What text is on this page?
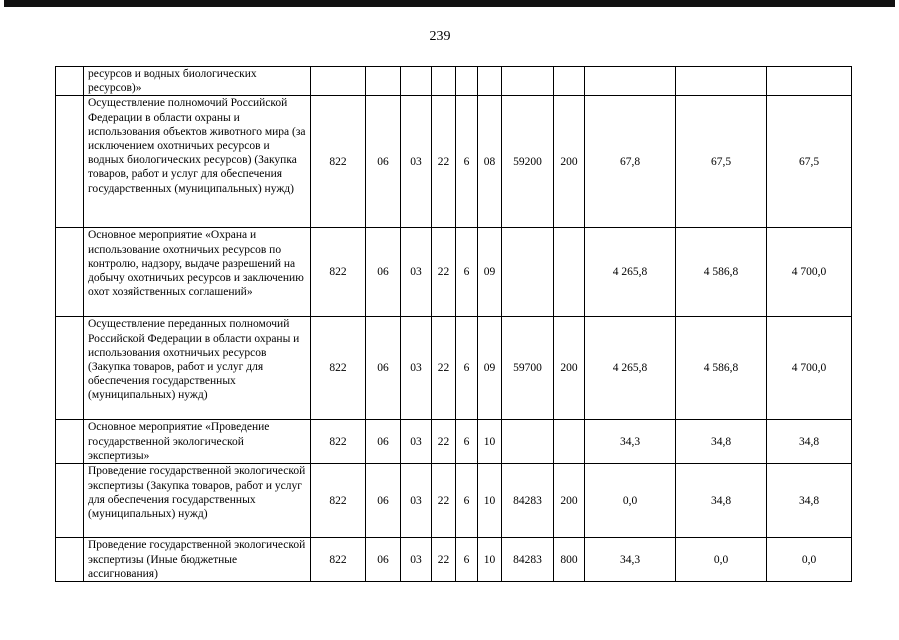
239
	ресурсов и водных биологических ресурсов)»											
	Осуществление полномочий Российской Федерации в области охраны и использования объектов животного мира (за исключением охотничьих ресурсов и водных биологических ресурсов) (Закупка товаров, работ и услуг для обеспечения государственных (муниципальных) нужд)	822	06	03	22	6	08	59200	200	67,8	67,5	67,5
	Основное мероприятие «Охрана и использование охотничьих ресурсов по контролю, надзору, выдаче разрешений на добычу охотничьих ресурсов и заключению охот хозяйственных соглашений»	822	06	03	22	6	09			4 265,8	4 586,8	4 700,0
	Осуществление переданных полномочий Российской Федерации в области охраны и использования охотничьих ресурсов (Закупка товаров, работ и услуг для обеспечения государственных (муниципальных) нужд)	822	06	03	22	6	09	59700	200	4 265,8	4 586,8	4 700,0
	Основное мероприятие «Проведение государственной экологической экспертизы»	822	06	03	22	6	10			34,3	34,8	34,8
	Проведение государственной экологической экспертизы (Закупка товаров, работ и услуг для обеспечения государственных (муниципальных) нужд)	822	06	03	22	6	10	84283	200	0,0	34,8	34,8
	Проведение государственной экологической экспертизы (Иные бюджетные ассигнования)	822	06	03	22	6	10	84283	800	34,3	0,0	0,0
